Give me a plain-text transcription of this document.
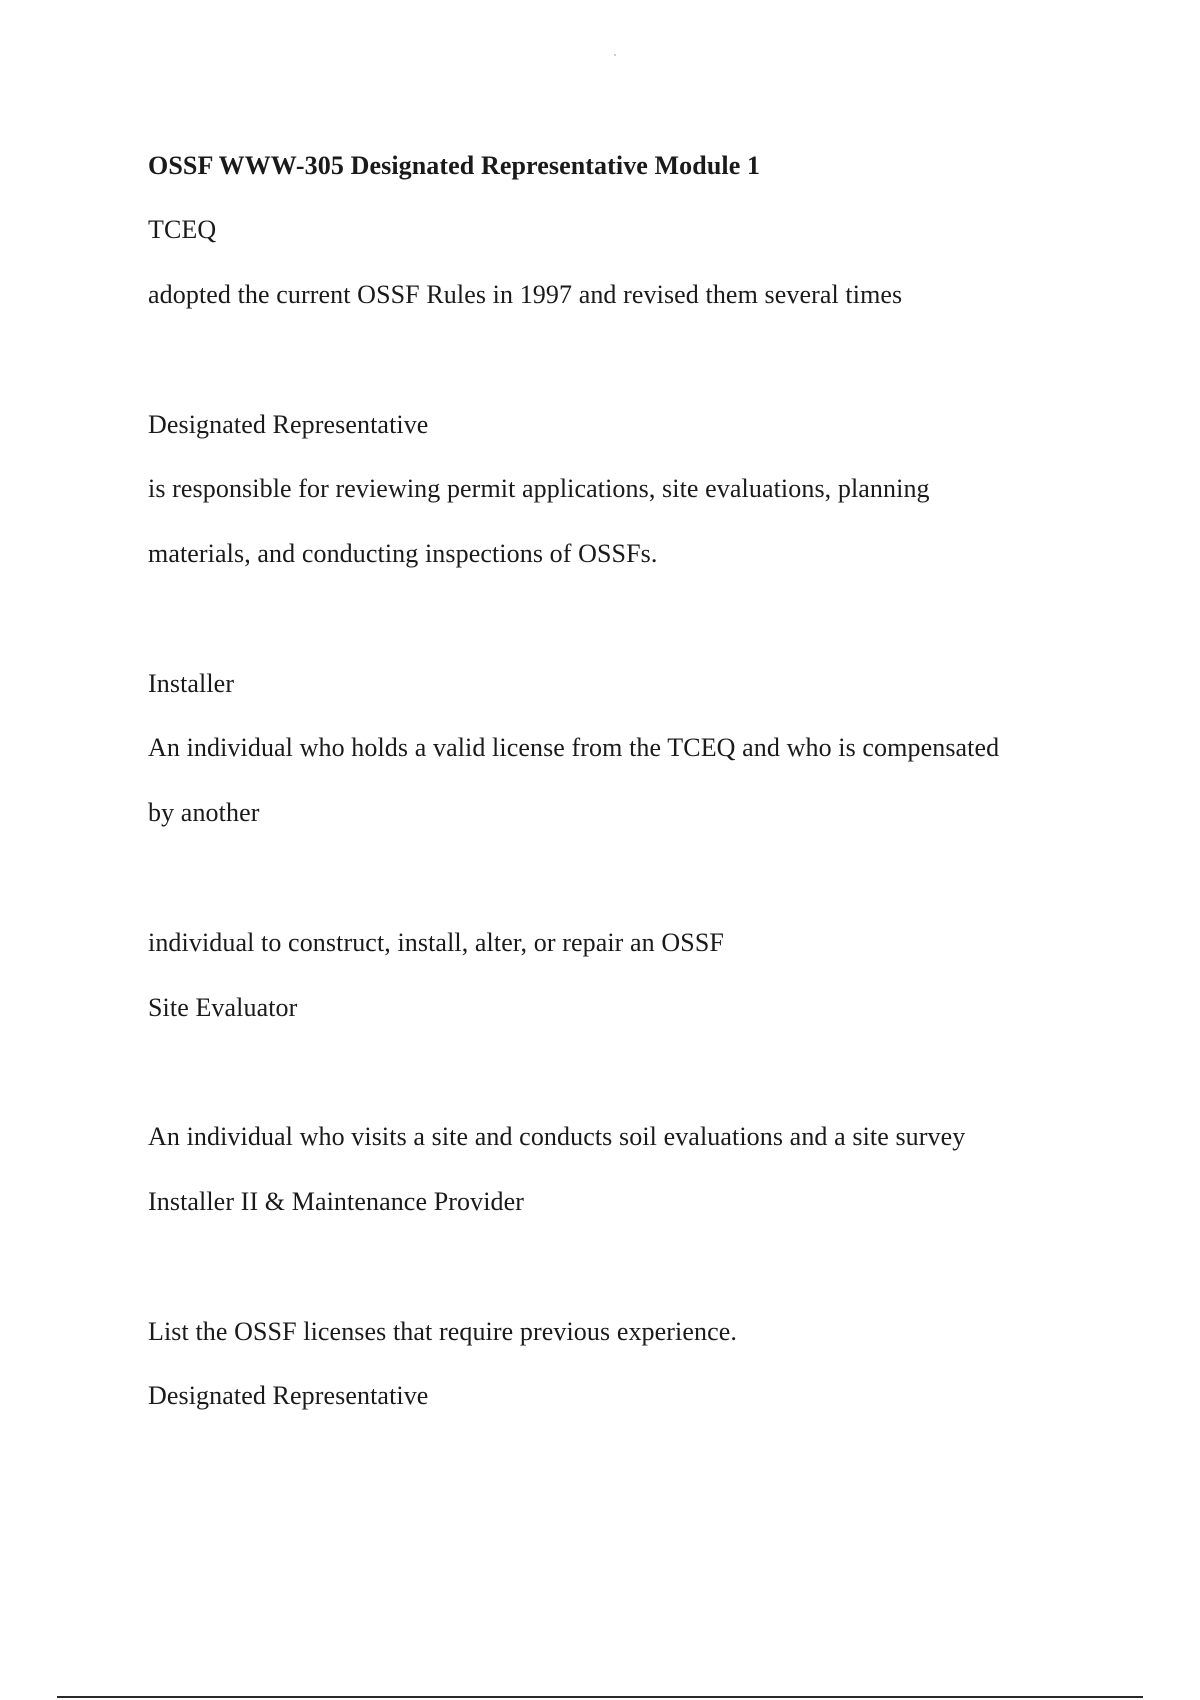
OSSF WWW-305 Designated Representative Module 1
TCEQ
adopted the current OSSF Rules in 1997 and revised them several times
Designated Representative
is responsible for reviewing permit applications, site evaluations, planning
materials, and conducting inspections of OSSFs.
Installer
An individual who holds a valid license from the TCEQ and who is compensated
by another
individual to construct, install, alter, or repair an OSSF
Site Evaluator
An individual who visits a site and conducts soil evaluations and a site survey
Installer II & Maintenance Provider
List the OSSF licenses that require previous experience.
Designated Representative
